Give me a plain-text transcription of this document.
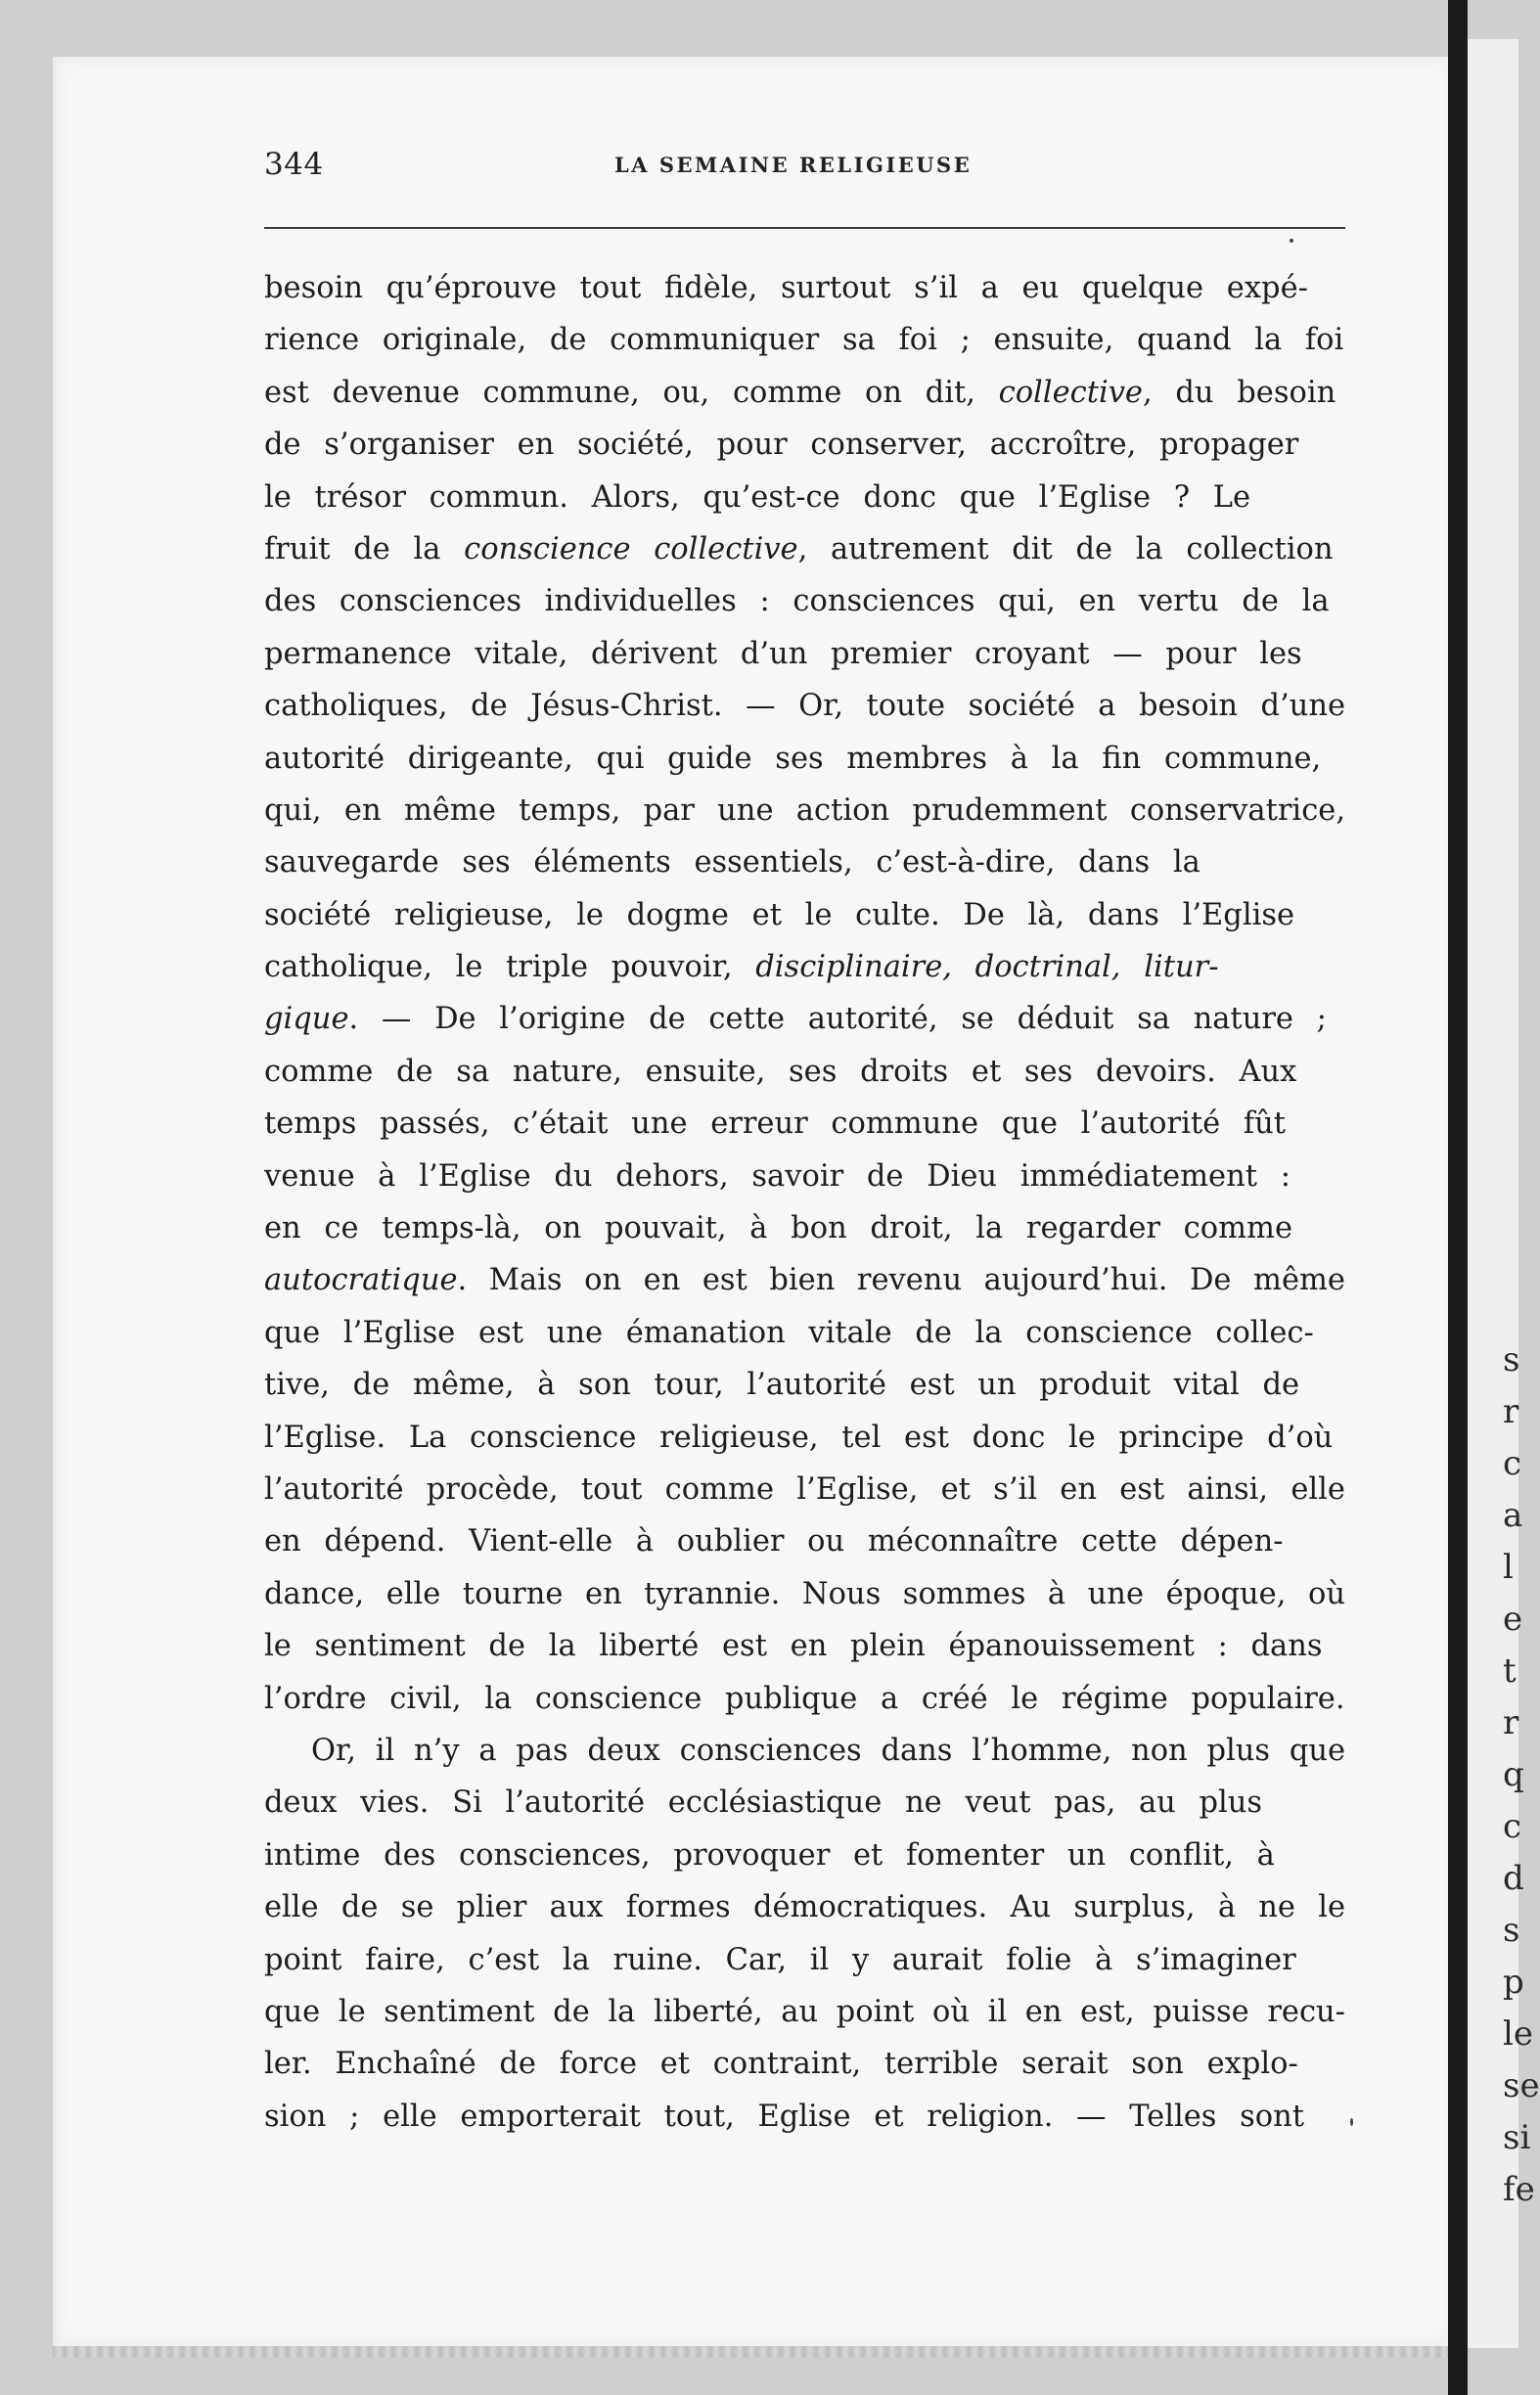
s
r
c
a
l
e
t
r
q
c
d
s
p
le
se
si
fe
344	LA SEMAINE RELIGIEUSE
besoin qu’éprouve tout fidèle, surtout s’il a eu quelque expé-
rience originale, de communiquer sa foi ; ensuite, quand la foi
est devenue commune, ou, comme on dit, collective, du besoin
de s’organiser en société, pour conserver, accroître, propager
le trésor commun. Alors, qu’est-ce donc que l’Eglise ? Le
fruit de la conscience collective, autrement dit de la collection
des consciences individuelles : consciences qui, en vertu de la
permanence vitale, dérivent d’un premier croyant — pour les
catholiques, de Jésus-Christ. — Or, toute société a besoin d’une
autorité dirigeante, qui guide ses membres à la fin commune,
qui, en même temps, par une action prudemment conservatrice,
sauvegarde ses éléments essentiels, c’est-à-dire, dans la
société religieuse, le dogme et le culte. De là, dans l’Eglise
catholique, le triple pouvoir, disciplinaire, doctrinal, litur-
gique. — De l’origine de cette autorité, se déduit sa nature ;
comme de sa nature, ensuite, ses droits et ses devoirs. Aux
temps passés, c’était une erreur commune que l’autorité fût
venue à l’Eglise du dehors, savoir de Dieu immédiatement :
en ce temps-là, on pouvait, à bon droit, la regarder comme
autocratique. Mais on en est bien revenu aujourd’hui. De même
que l’Eglise est une émanation vitale de la conscience collec-
tive, de même, à son tour, l’autorité est un produit vital de
l’Eglise. La conscience religieuse, tel est donc le principe d’où
l’autorité procède, tout comme l’Eglise, et s’il en est ainsi, elle
en dépend. Vient-elle à oublier ou méconnaître cette dépen-
dance, elle tourne en tyrannie. Nous sommes à une époque, où
le sentiment de la liberté est en plein épanouissement : dans
l’ordre civil, la conscience publique a créé le régime populaire.
Or, il n’y a pas deux consciences dans l’homme, non plus que
deux vies. Si l’autorité ecclésiastique ne veut pas, au plus
intime des consciences, provoquer et fomenter un conflit, à
elle de se plier aux formes démocratiques. Au surplus, à ne le
point faire, c’est la ruine. Car, il y aurait folie à s’imaginer
que le sentiment de la liberté, au point où il en est, puisse recu-
ler. Enchaîné de force et contraint, terrible serait son explo-
sion ; elle emporterait tout, Eglise et religion. — Telles sont
